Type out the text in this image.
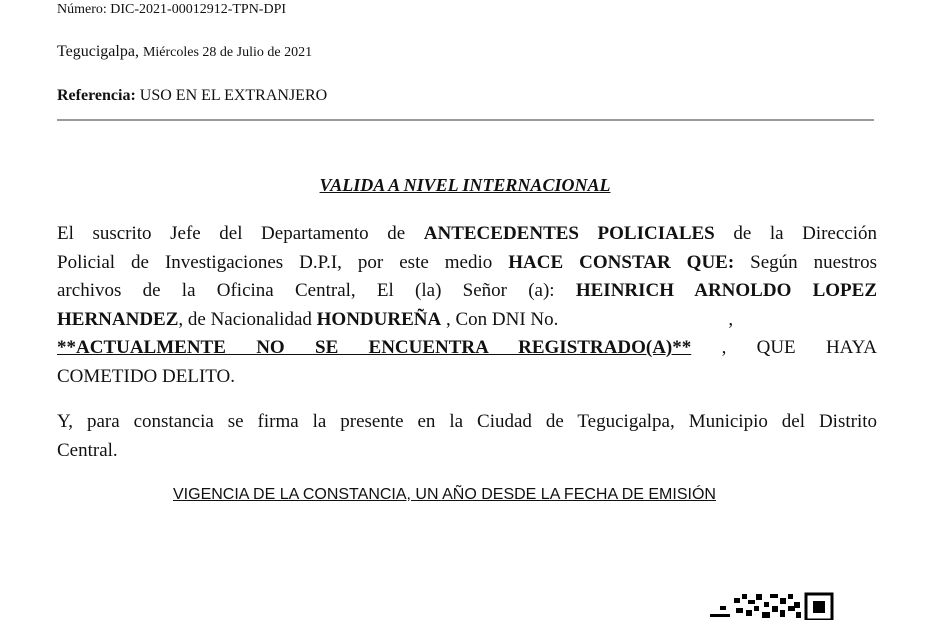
Número: DIC-2021-00012912-TPN-DPI
Tegucigalpa, Miércoles 28 de Julio de 2021
Referencia: USO EN EL EXTRANJERO
VALIDA A NIVEL INTERNACIONAL
El suscrito Jefe del Departamento de ANTECEDENTES POLICIALES de la Dirección
Policial de Investigaciones D.P.I, por este medio HACE CONSTAR QUE: Según nuestros
archivos de la Oficina Central, El (la) Señor (a): HEINRICH ARNOLDO LOPEZ
HERNANDEZ, de Nacionalidad HONDUREÑA , Con DNI No.	,
**ACTUALMENTE NO SE ENCUENTRA REGISTRADO(A)** , QUE HAYA
COMETIDO DELITO.
Y, para constancia se firma la presente en la Ciudad de Tegucigalpa, Municipio del Distrito
Central.
VIGENCIA DE LA CONSTANCIA, UN AÑO DESDE LA FECHA DE EMISIÓN
